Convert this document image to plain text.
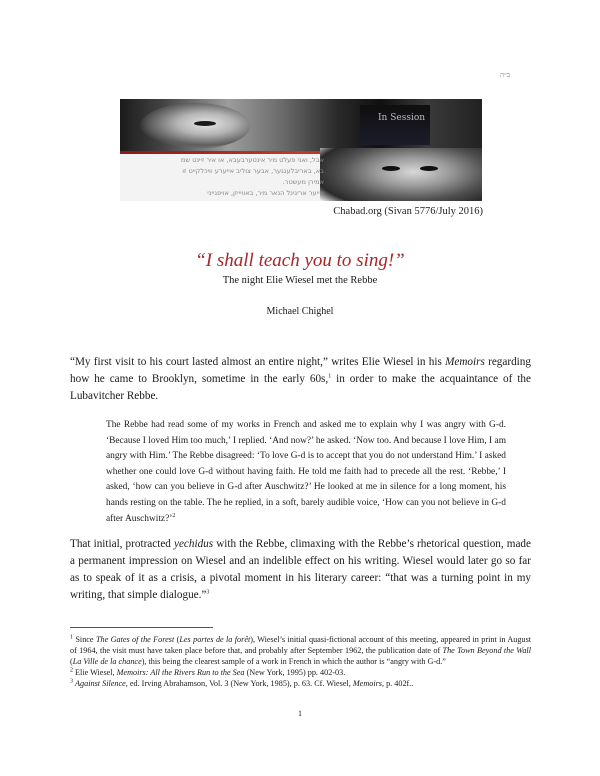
ב״ה
In Session
אבל, ואני פעלט מיר אינטערבעבא, או איר זיינט שמ
בא, באריבלעגנער, אבער צוליב אייערע וויכלקייט זו
אמירן מעשטר.
אייער אריגינל הנאר מיר, באוויייזן, אויפגייני
Chabad.org (Sivan 5776/July 2016)
“I shall teach you to sing!”
The night Elie Wiesel met the Rebbe
Michael Chighel
“My first visit to his court lasted almost an entire night,” writes Elie Wiesel in his Memoirs regarding how he came to Brooklyn, sometime in the early 60s,$^1$ in order to make the acquaintance of the Lubavitcher Rebbe.
The Rebbe had read some of my works in French and asked me to explain why I was angry with G-d. ‘Because I loved Him too much,’ I replied. ‘And now?’ he asked. ‘Now too. And because I love Him, I am angry with Him.’ The Rebbe disagreed: ‘To love G-d is to accept that you do not understand Him.’ I asked whether one could love G-d without having faith. He told me faith had to precede all the rest. ‘Rebbe,’ I asked, ‘how can you believe in G-d after Auschwitz?’ He looked at me in silence for a long moment, his hands resting on the table. The he replied, in a soft, barely audible voice, ‘How can you not believe in G-d after Auschwitz?’$^2$
That initial, protracted yechidus with the Rebbe, climaxing with the Rebbe’s rhetorical question, made a permanent impression on Wiesel and an indelible effect on his writing. Wiesel would later go so far as to speak of it as a crisis, a pivotal moment in his literary career: “that was a turning point in my writing, that simple dialogue.”$^3$

$^1$ Since The Gates of the Forest (Les portes de la forêt), Wiesel’s initial quasi-fictional account of this meeting, appeared in print in August of 1964, the visit must have taken place before that, and probably after September 1962, the publication date of The Town Beyond the Wall (La Ville de la chance), this being the clearest sample of a work in French in which the author is “angry with G-d.”

$^2$ Elie Wiesel, Memoirs: All the Rivers Run to the Sea (New York, 1995) pp. 402-03.

$^3$ Against Silence, ed. Irving Abrahamson, Vol. 3 (New York, 1985), p. 63. Cf. Wiesel, Memoirs, p. 402f..

1
